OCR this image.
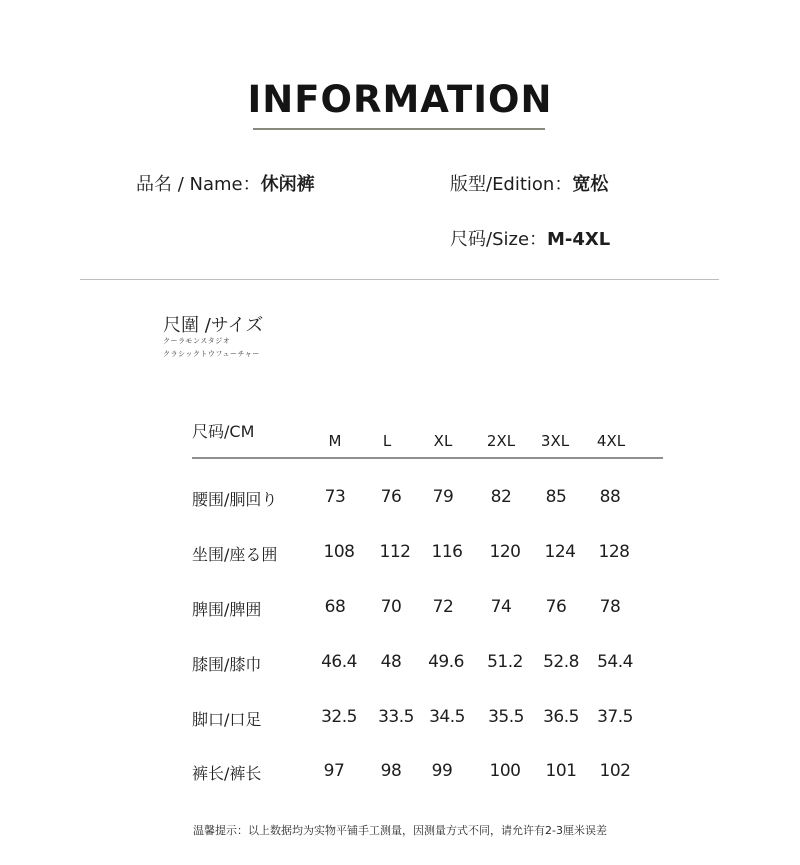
INFORMATION
品名 / Name：休闲裤	版型/Edition：宽松
尺码/Size：M-4XL
尺圍 /サイズ
クーラモンスタジオ
クラシックトウフューチャー
尺码/CM	M	L	XL 2XL 3XL 4XL
腰围/胴回り	73 76 79 82 85 88
坐围/座る囲	108 112 116 120 124 128
脾围/脾囲	68 70 72 74 76 78
膝围/膝巾	46.4 48 49.6 51.2 52.8 54.4
脚口/口足	32.5 33.5 34.5 35.5 36.5 37.5
裤长/裤长	97 98 99 100 101 102
温馨提示：以上数据均为实物平铺手工测量，因测量方式不同，请允许有2-3厘米误差
